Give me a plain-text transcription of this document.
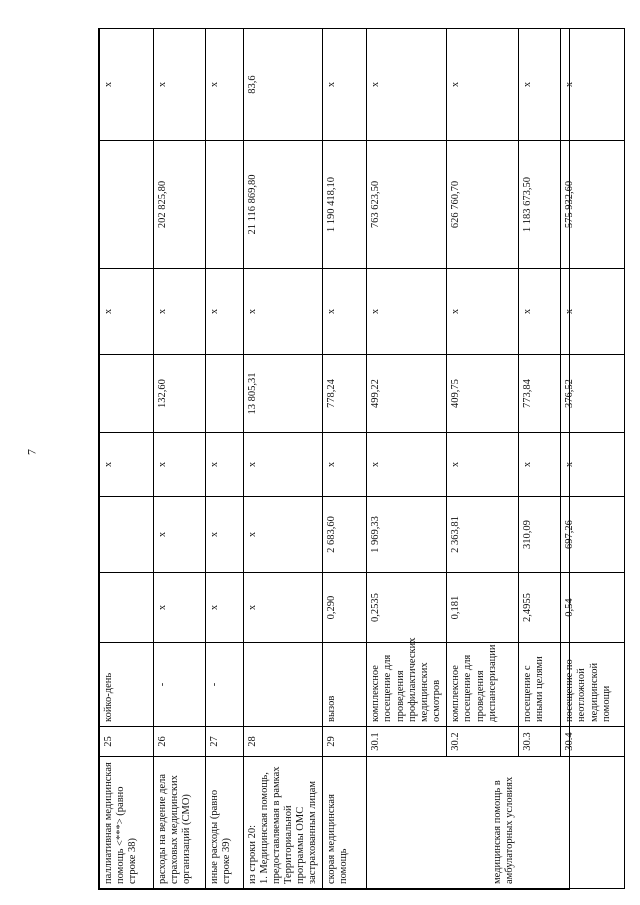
7
паллиативная медицинская помощь <***> (равно строке 38)	25	койко-день			х		х		х
расходы на ведение дела страховых медицинских организаций (СМО)	26	-	х	х	х	132,60	х	202 825,80	х
иные расходы (равно строке 39)	27	-	х	х	х		х		х
из строки 20:
1. Медицинская помощь, предоставляемая в рамках Территориальной программы ОМС застрахованным лицам	28		х	х	х	13 805,31	х	21 116 869,80	83,6
скорая медицинская помощь	29	вызов	0,290	2 683,60	х	778,24	х	1 190 418,10	х
	30.1	комплексное посещение для проведения профилактических медицинских осмотров	0,2535	1 969,33	х	499,22	х	763 623,50	х
медицинская помощь в амбулаторных условиях	30.2	комплексное посещение для проведения диспансеризации	0,181	2 363,81	х	409,75	х	626 760,70	х
	30.3	посещение с иными целями	2,4955	310,09	х	773,84	х	1 183 673,50	х
	30.4	посещение по неотложной медицинской помощи	0,54	697,26	х	376,52	х	575 932,60	х
